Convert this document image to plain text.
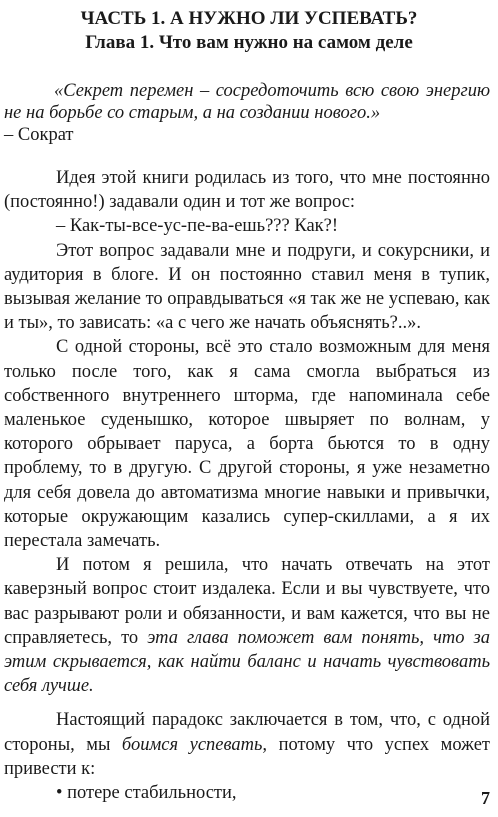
ЧАСТЬ 1. А НУЖНО ЛИ УСПЕВАТЬ?
Глава 1. Что вам нужно на самом деле
«Секрет перемен – сосредоточить всю свою энергию не на борьбе со старым, а на создании нового.»
– Сократ

Идея этой книги родилась из того, что мне постоянно (постоянно!) задавали один и тот же вопрос:

– Как-ты-все-ус-пе-ва-ешь??? Как?!

Этот вопрос задавали мне и подруги, и сокурсники, и аудитория в блоге. И он постоянно ставил меня в тупик, вызывая желание то оправдываться «я так же не успеваю, как и ты», то зависать: «а с чего же начать объяснять?..».

С одной стороны, всё это стало возможным для меня только после того, как я сама смогла выбраться из собственного внутреннего шторма, где напоминала себе маленькое суденышко, которое швыряет по волнам, у которого обрывает паруса, а борта бьются то в одну проблему, то в другую. С другой стороны, я уже незаметно для себя довела до автоматизма многие навыки и привычки, которые окружающим казались супер-скиллами, а я их перестала замечать.

И потом я решила, что начать отвечать на этот каверзный вопрос стоит издалека. Если и вы чувствуете, что вас разрывают роли и обязанности, и вам кажется, что вы не справляетесь, то эта глава поможет вам понять, что за этим скрывается, как найти баланс и начать чувствовать себя лучше.

Настоящий парадокс заключается в том, что, с одной стороны, мы боимся успевать, потому что успех может привести к:

• потере стабильности,	7
